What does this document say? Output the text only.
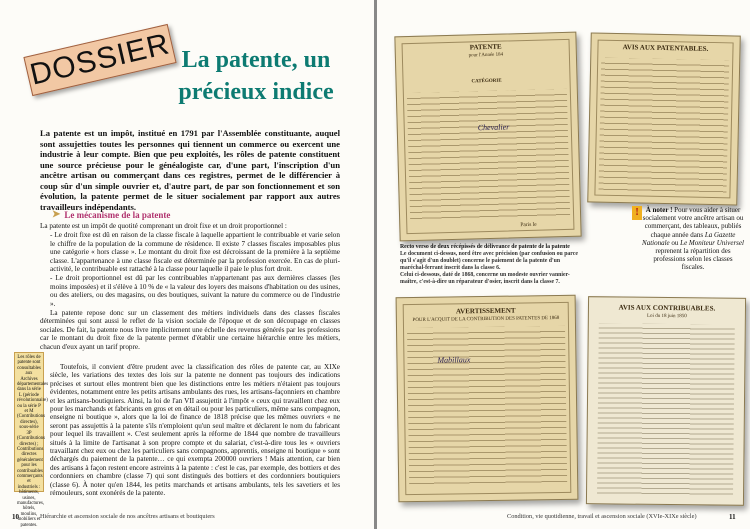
DOSSIER La patente, un
précieux indice
La patente est un impôt, institué en 1791 par l'Assemblée constituante, auquel sont assujetties toutes les personnes qui tiennent un commerce ou exercent une industrie à leur compte. Bien que peu exploités, les rôles de patente constituent une source précieuse pour le généalogiste car, d'une part, l'inscription d'un ancêtre artisan ou commerçant dans ces registres, permet de le différencier à coup sûr d'un simple ouvrier et, d'autre part, de par son fonctionnement et son évolution, la patente permet de le situer socialement par rapport aux autres travailleurs indépendants.
➤ Le mécanisme de la patente

La patente est un impôt de quotité comprenant un droit fixe et un droit proportionnel :

- Le droit fixe est dû en raison de la classe fiscale à laquelle appartient le contribuable et varie selon le chiffre de la population de la commune de résidence. Il existe 7 classes fiscales imposables plus une catégorie « hors classe ». Le montant du droit fixe est décroissant de la première à la septième classe. L'appartenance à une classe fiscale est déterminée par la profession exercée. En cas de pluri-activité, le contribuable est rattaché à la classe pour laquelle il paie le plus fort droit.

- Le droit proportionnel est dû par les contribuables n'appartenant pas aux dernières classes (les moins imposées) et il s'élève à 10 % de « la valeur des loyers des maisons d'habitation ou des usines, ou des ateliers, ou des magasins, ou des boutiques, suivant la nature du commerce ou de l'industrie ».

La patente repose donc sur un classement des métiers individuels dans des classes fiscales déterminées qui sont aussi le reflet de la vision sociale de l'époque et de son découpage en classes sociales. De fait, la patente nous livre implicitement une échelle des revenus générés par les professions car le montant du droit fixe de la patente permet d'établir une certaine hiérarchie entre les métiers, chacun d'eux ayant un tarif propre.

Toutefois, il convient d'être prudent avec la classification des rôles de patente car, au XIXe siècle, les variations des textes des lois sur la patente ne donnent pas toujours des indications précises et surtout elles montrent bien que les distinctions entre les métiers n'étaient pas toujours évidentes, notamment entre les petits artisans ambulants des rues, les artisans-façonniers en chambre et les artisans-boutiquiers. Ainsi, la loi de l'an VII assujettit à l'impôt « ceux qui travaillent chez eux pour les marchands et fabricants en gros et en détail ou pour les particuliers, même sans compagnon, enseigne ni boutique », alors que la loi de finance de 1818 précise que les mêmes ouvriers « ne seront pas assujettis à la patente s'ils n'emploient qu'un seul maître et déclarent le nom du fabricant pour lequel ils travaillent ». C'est seulement après la réforme de 1844 que nombre de travailleurs situés à la limite de l'artisanat à son propre compte et du salariat, c'est-à-dire tous les « ouvriers travaillant chez eux ou chez les particuliers sans compagnons, apprentis, enseigne ni boutique » sont déchargés du paiement de la patente… ce qui exempta 200000 ouvriers ! Mais attention, car bien des artisans à façon restent encore astreints à la patente : c'est le cas, par exemple, des bottiers et des cordonniers en chambre (classe 7) qui sont distingués des bottiers et des cordonniers boutiquiers (classe 6). À noter qu'en 1844, les petits marchands et artisans ambulants, tels les savetiers et les rémouleurs, sont exonérés de la patente.

Les rôles de patente sont consultables aux Archives départementales dans la série L (période révolutionnaire) ou la série P et M (Contributions directes), sous-série 3P (Contributions directes) ; Contributions directes généralement pour les contribuables commerçants et industriels : bâtiments, usines, manufactures, hôtels, moulins, mobiliers et patentes.
10	Hiérarchie et ascension sociale de nos ancêtres artisans et boutiquiers
PATENTE
pour l'Année 184
CATÉGORIE
Chevalier
Paris le
AVIS AUX PATENTABLES.
Recto verso de deux récépissés de délivrance de patente de la patente
Le document ci-dessus, nord être avec précision (par confusion ou parce qu'il s'agit d'un doublet) concerne le paiement de la patente d'un maréchal-ferrant inscrit dans la classe 6.
Celui ci-dessous, daté de 1868, concerne un modeste ouvrier vannier-maître, c'est-à-dire un réparateur d'osier, inscrit dans la classe 7.
AVERTISSEMENT
POUR L'ACQUIT DE LA CONTRIBUTION DES PATENTES DE 1868
Mabillaux
AVIS AUX CONTRIBUABLES.
Loi du 18 juin 1850
!	À noter ! Pour vous aider à situer socialement votre ancêtre artisan ou commerçant, des tableaux, publiés chaque année dans La Gazette Nationale ou Le Moniteur Universel reprenent la répartition des professions selon les classes fiscales.
Condition, vie quotidienne, travail et ascension sociale (XVIe-XIXe siècle)	11
